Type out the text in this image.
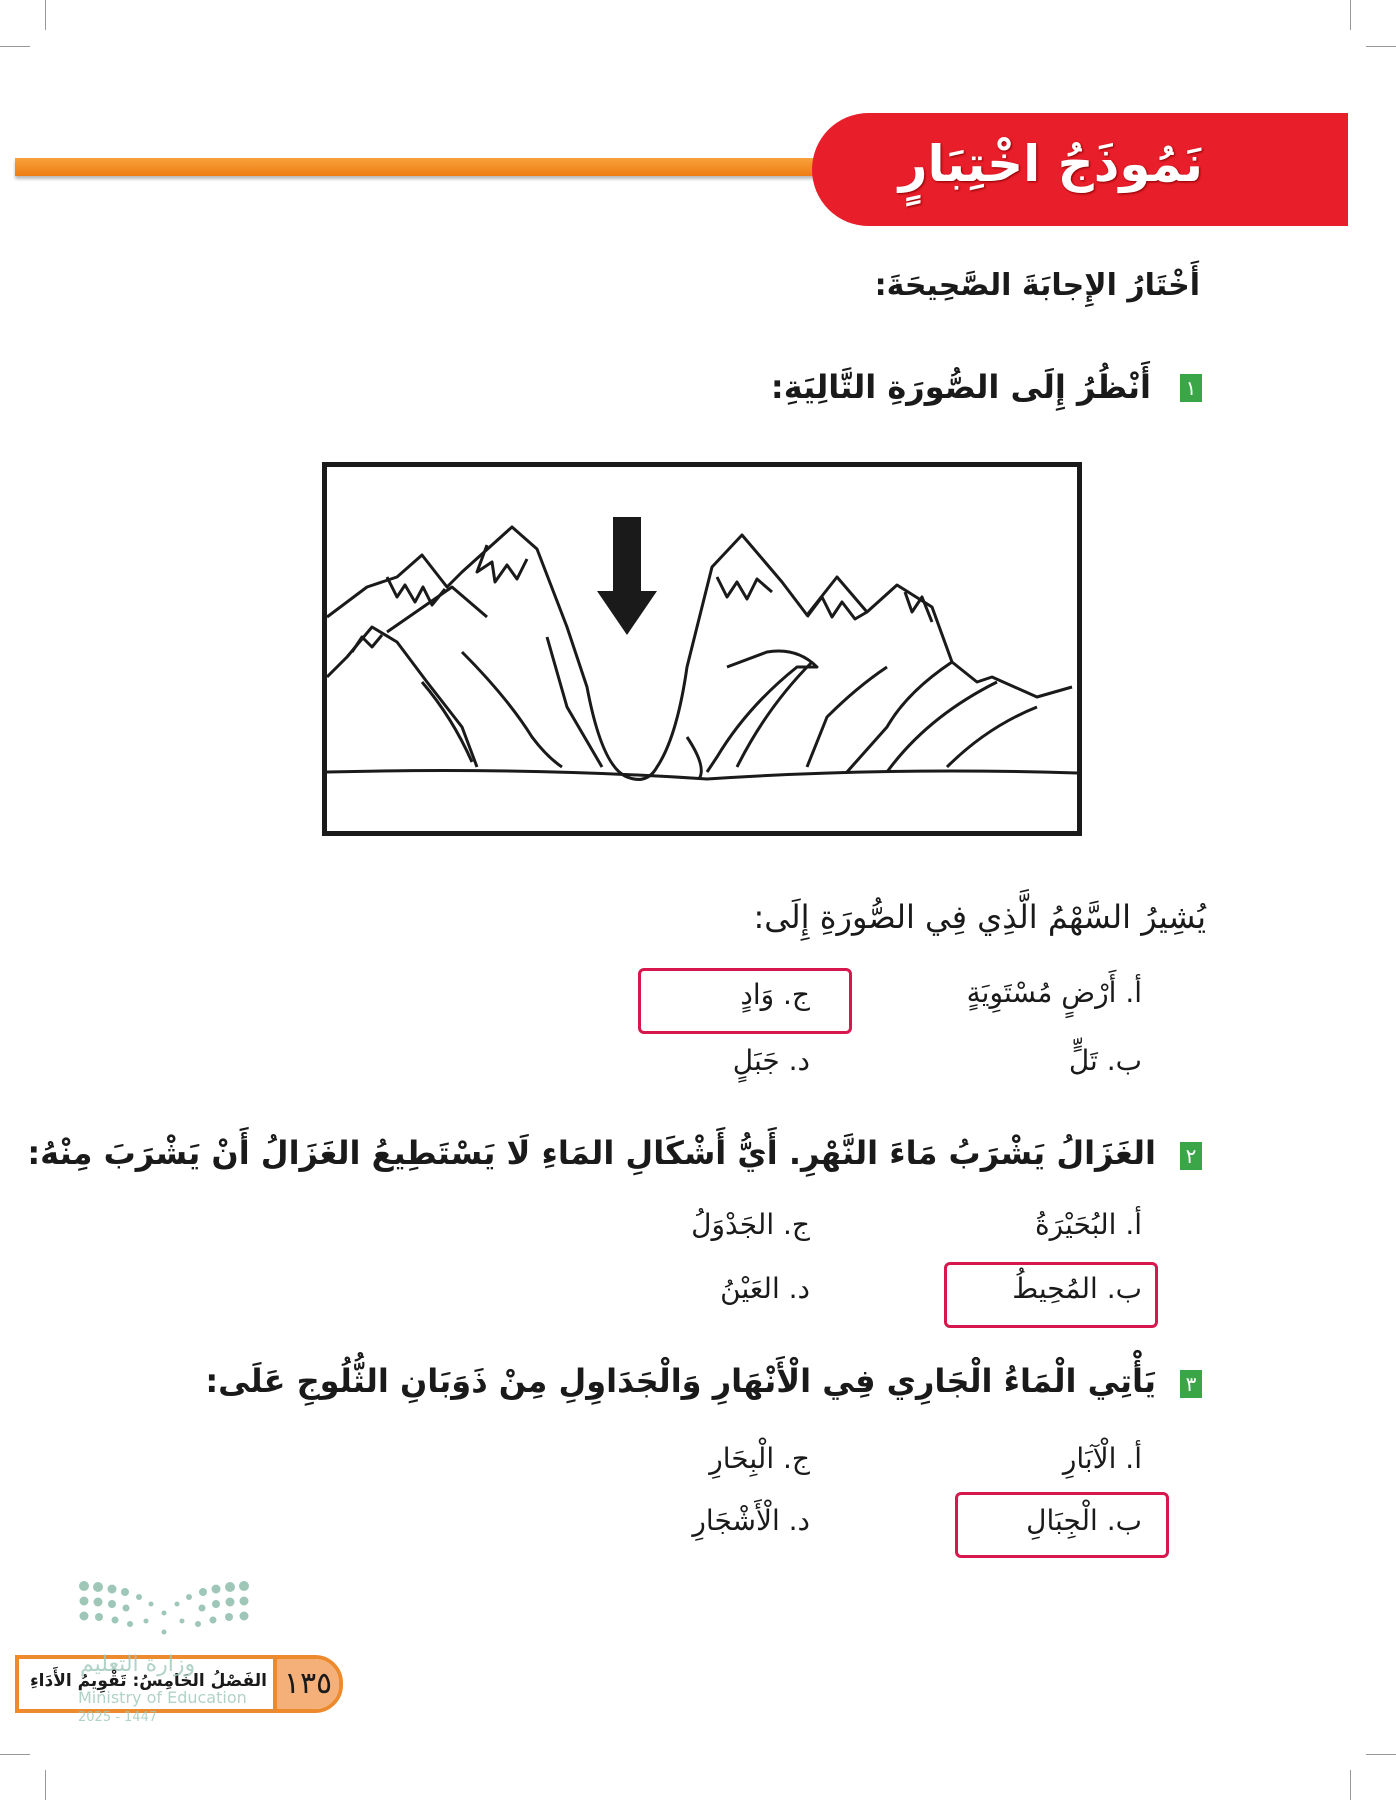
نَمُوذَجُ اخْتِبَارٍ
أَخْتَارُ الإِجابَةَ الصَّحِيحَةَ:
١
أَنْظُرُ إِلَى الصُّورَةِ التَّالِيَةِ:
يُشِيرُ السَّهْمُ الَّذِي فِي الصُّورَةِ إِلَى:
أ. أَرْضٍ مُسْتَوِيَةٍ
ب. تَلٍّ
ج. وَادٍ
د. جَبَلٍ
٢
الغَزَالُ يَشْرَبُ مَاءَ النَّهْرِ. أَيُّ أَشْكَالِ المَاءِ لَا يَسْتَطِيعُ الغَزَالُ أَنْ يَشْرَبَ مِنْهُ:
أ. البُحَيْرَةُ
ب. المُحِيطُ
ج. الجَدْوَلُ
د. العَيْنُ
٣
يَأْتِي الْمَاءُ الْجَارِي فِي الْأَنْهَارِ وَالْجَدَاوِلِ مِنْ ذَوَبَانِ الثُّلُوجِ عَلَى:
أ. الْآبَارِ
ب. الْجِبَالِ
ج. الْبِحَارِ
د. الْأَشْجَارِ
١٣٥
الفَصْلُ الخَامِسُ: تَقْوِيمُ الأَدَاءِ
وزارة التعليم
Ministry of Education
2025 - 1447
